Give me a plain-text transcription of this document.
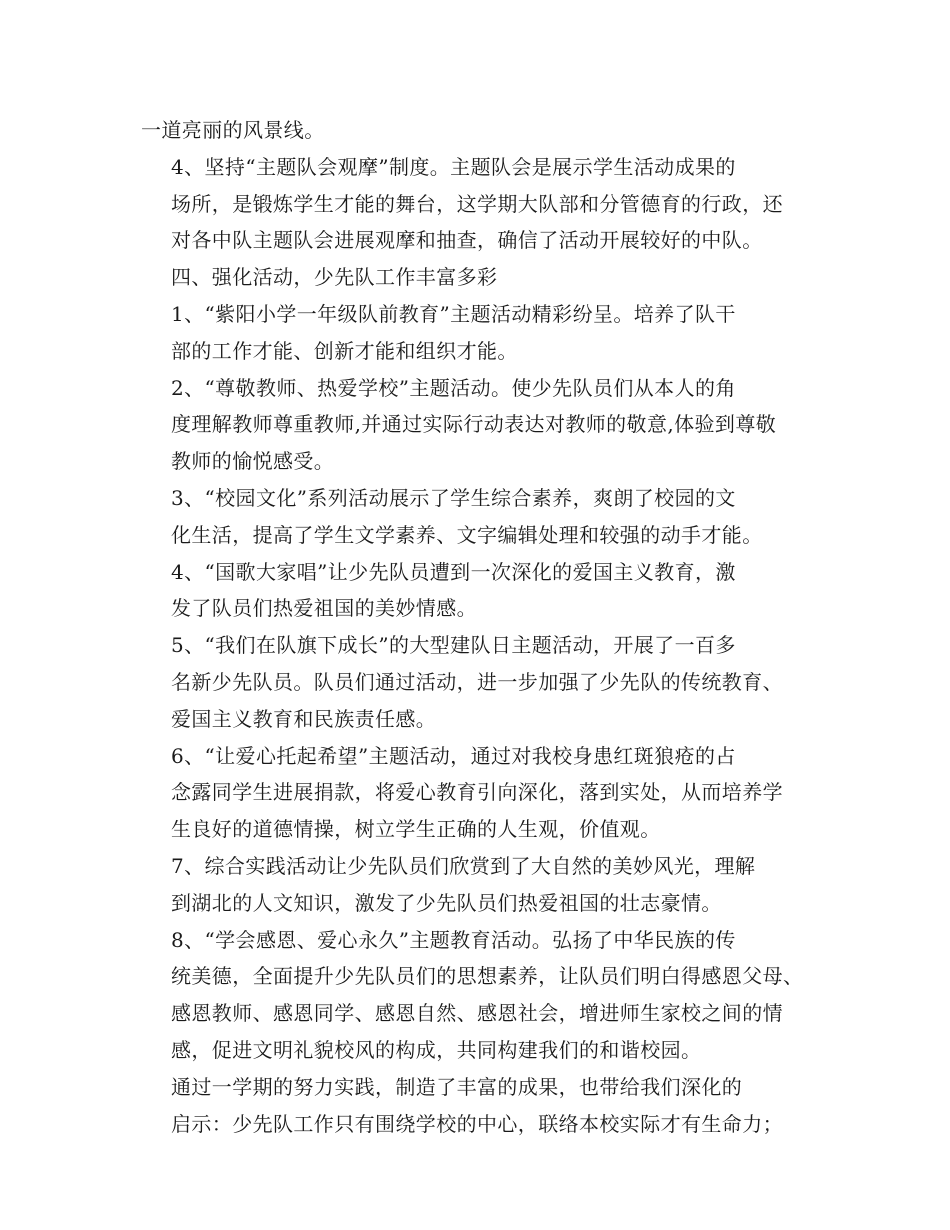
一道亮丽的风景线。

4、坚持“主题队会观摩”制度。主题队会是展示学生活动成果的
场所，是锻炼学生才能的舞台，这学期大队部和分管德育的行政，还
对各中队主题队会进展观摩和抽查，确信了活动开展较好的中队。

四、强化活动，少先队工作丰富多彩

1、“紫阳小学一年级队前教育”主题活动精彩纷呈。培养了队干
部的工作才能、创新才能和组织才能。

2、“尊敬教师、热爱学校”主题活动。使少先队员们从本人的角
度理解教师尊重教师,并通过实际行动表达对教师的敬意,体验到尊敬
教师的愉悦感受。

3、“校园文化”系列活动展示了学生综合素养，爽朗了校园的文
化生活，提高了学生文学素养、文字编辑处理和较强的动手才能。

4、“国歌大家唱”让少先队员遭到一次深化的爱国主义教育，激
发了队员们热爱祖国的美妙情感。

5、“我们在队旗下成长”的大型建队日主题活动，开展了一百多
名新少先队员。队员们通过活动，进一步加强了少先队的传统教育、
爱国主义教育和民族责任感。

6、“让爱心托起希望”主题活动，通过对我校身患红斑狼疮的占
念露同学生进展捐款，将爱心教育引向深化，落到实处，从而培养学
生良好的道德情操，树立学生正确的人生观，价值观。

7、综合实践活动让少先队员们欣赏到了大自然的美妙风光，理解
到湖北的人文知识，激发了少先队员们热爱祖国的壮志豪情。

8、“学会感恩、爱心永久”主题教育活动。弘扬了中华民族的传
统美德，全面提升少先队员们的思想素养，让队员们明白得感恩父母、
感恩教师、感恩同学、感恩自然、感恩社会，增进师生家校之间的情
感，促进文明礼貌校风的构成，共同构建我们的和谐校园。

通过一学期的努力实践，制造了丰富的成果，也带给我们深化的
启示：少先队工作只有围绕学校的中心，联络本校实际才有生命力；
